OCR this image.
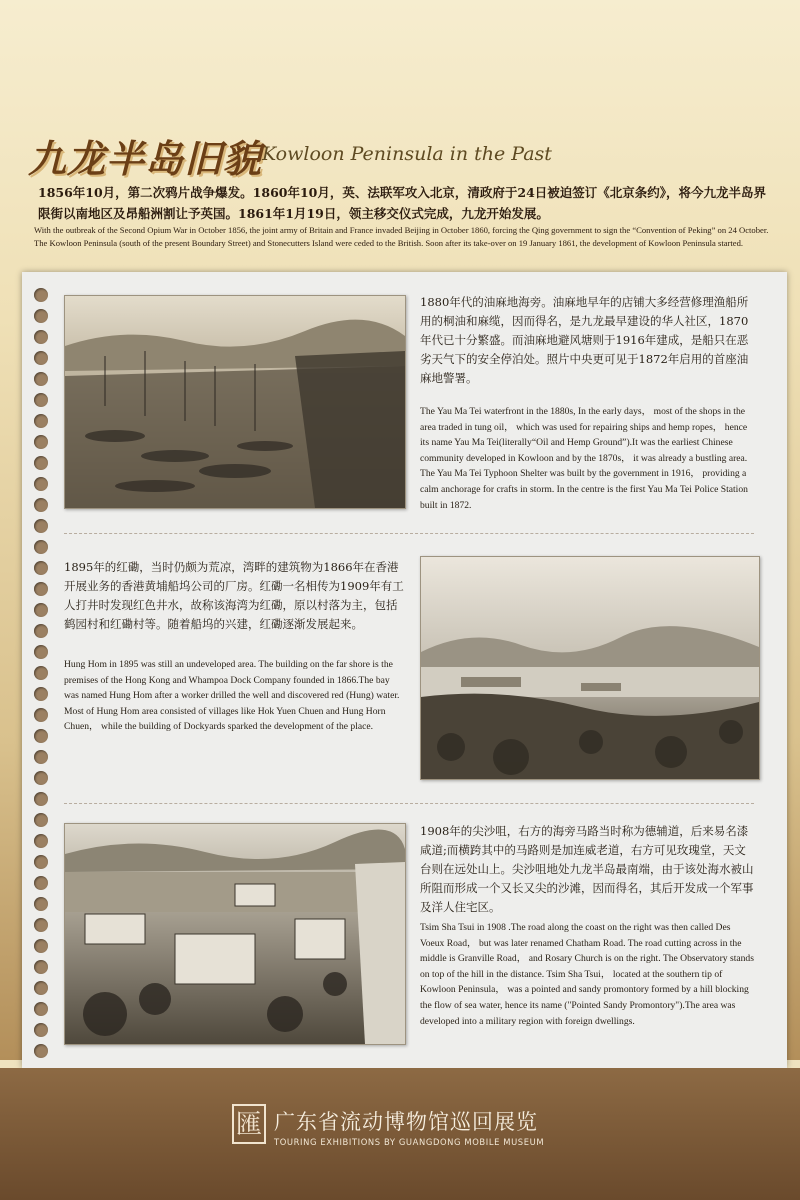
九龙半岛旧貌 Kowloon Peninsula in the Past
1856年10月，第二次鸦片战争爆发。1860年10月，英、法联军攻入北京，清政府于24日被迫签订《北京条约》，将今九龙半岛界限街以南地区及昂船洲割让予英国。1861年1月19日，领主移交仪式完成，九龙开始发展。
With the outbreak of the Second Opium War in October 1856, the joint army of Britain and France invaded Beijing in October 1860, forcing the Qing government to sign the “Convention of Peking” on 24 October. The Kowloon Peninsula (south of the present Boundary Street) and Stonecutters Island were ceded to the British. Soon after its take-over on 19 January 1861, the development of Kowloon Peninsula started.
1880年代的油麻地海旁。油麻地早年的店铺大多经营修理渔船所用的桐油和麻缆，因而得名，是九龙最早建设的华人社区，1870年代已十分繁盛。而油麻地避风塘则于1916年建成，是船只在恶劣天气下的安全停泊处。照片中央更可见于1872年启用的首座油麻地警署。
The Yau Ma Tei waterfront in the 1880s, In the early days， most of the shops in the area traded in tung oil， which was used for repairing ships and hemp ropes， hence its name Yau Ma Tei(literally“Oil and Hemp Ground”).It was the earliest Chinese community developed in Kowloon and by the 1870s， it was already a bustling area. The Yau Ma Tei Typhoon Shelter was built by the government in 1916， providing a calm anchorage for crafts in storm. In the centre is the first Yau Ma Tei Police Station built in 1872.
1895年的红磡，当时仍颇为荒凉，湾畔的建筑物为1866年在香港开展业务的香港黄埔船坞公司的厂房。红磡一名相传为1909年有工人打井时发现红色井水，故称该海湾为红磡，原以村落为主，包括鹤园村和红磡村等。随着船坞的兴建，红磡逐渐发展起来。
Hung Hom in 1895 was still an undeveloped area. The building on the far shore is the premises of the Hong Kong and Whampoa Dock Company founded in 1866.The bay was named Hung Hom after a worker drilled the well and discovered red (Hung) water. Most of Hung Hom area consisted of villages like Hok Yuen Chuen and Hung Horn Chuen， while the building of Dockyards sparked the development of the place.
1908年的尖沙咀，右方的海旁马路当时称为德辅道，后来易名漆咸道;而横跨其中的马路则是加连威老道，右方可见玫瑰堂，天文台则在远处山上。尖沙咀地处九龙半岛最南端，由于该处海水被山所阻而形成一个又长又尖的沙滩，因而得名，其后开发成一个军事及洋人住宅区。
Tsim Sha Tsui in 1908 .The road along the coast on the right was then called Des Voeux Road， but was later renamed Chatham Road. The road cutting across in the middle is Granville Road， and Rosary Church is on the right. The Observatory stands on top of the hill in the distance. Tsim Sha Tsui， located at the southern tip of Kowloon Peninsula， was a pointed and sandy promontory formed by a hill blocking the flow of sea water, hence its name ("Pointed Sandy Promontory").The area was developed into a military region with foreign dwellings.
匯 广东省流动博物馆巡回展览
TOURING EXHIBITIONS BY GUANGDONG MOBILE MUSEUM
